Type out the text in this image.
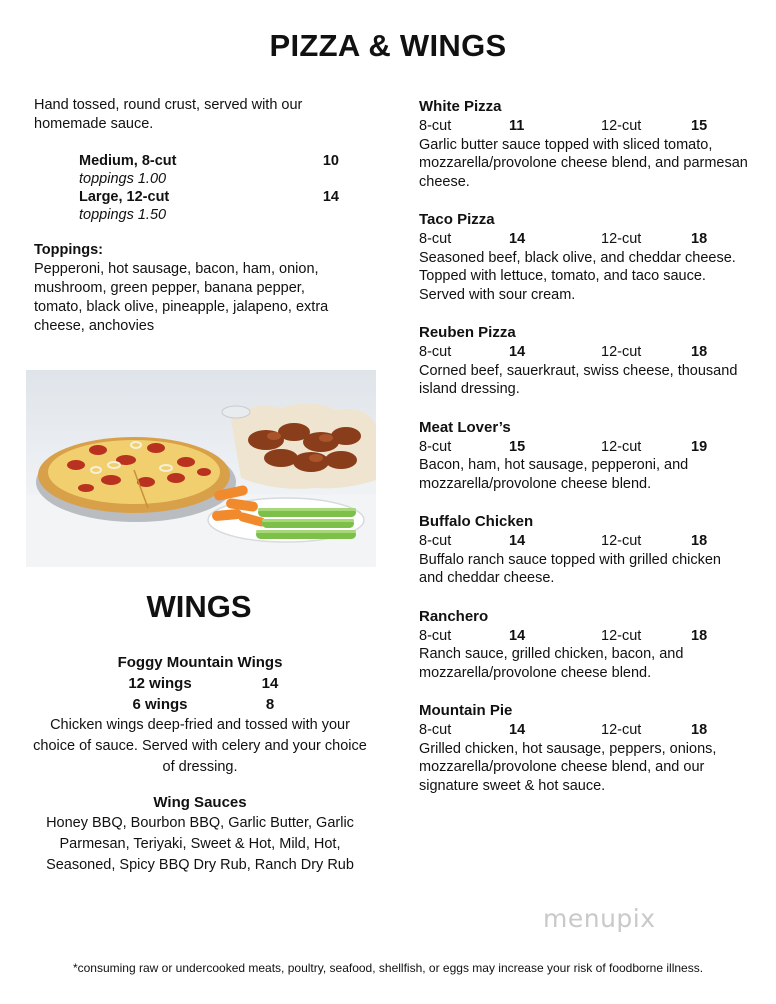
PIZZA & WINGS
Hand tossed, round crust, served with our homemade sauce.
Medium, 8-cut	10
toppings 1.00
Large, 12-cut	14
toppings 1.50
Toppings:
Pepperoni, hot sausage, bacon, ham, onion, mushroom, green pepper, banana pepper, tomato, black olive, pineapple, jalapeno, extra cheese, anchovies
WINGS
Foggy Mountain Wings
12 wings	14
6 wings	8
Chicken wings deep-fried and tossed with your choice of sauce. Served with celery and your choice of dressing.
Wing Sauces
Honey BBQ, Bourbon BBQ, Garlic Butter, Garlic Parmesan, Teriyaki, Sweet & Hot, Mild, Hot, Seasoned, Spicy BBQ Dry Rub, Ranch Dry Rub
White Pizza
8-cut	11	12-cut	15
Garlic butter sauce topped with sliced tomato, mozzarella/provolone cheese blend, and parmesan cheese.
Taco Pizza
8-cut	14	12-cut	18
Seasoned beef, black olive, and cheddar cheese. Topped with lettuce, tomato, and taco sauce. Served with sour cream.
Reuben Pizza
8-cut	14	12-cut	18
Corned beef, sauerkraut, swiss cheese, thousand island dressing.
Meat Lover’s
8-cut	15	12-cut	19
Bacon, ham, hot sausage, pepperoni, and mozzarella/provolone cheese blend.
Buffalo Chicken
8-cut	14	12-cut	18
Buffalo ranch sauce topped with grilled chicken and cheddar cheese.
Ranchero
8-cut	14	12-cut	18
Ranch sauce, grilled chicken, bacon, and mozzarella/provolone cheese blend.
Mountain Pie
8-cut	14	12-cut	18
Grilled chicken, hot sausage, peppers, onions, mozzarella/provolone cheese blend, and our signature sweet & hot sauce.
menupix
*consuming raw or undercooked meats, poultry, seafood, shellfish, or eggs may increase your risk of foodborne illness.
